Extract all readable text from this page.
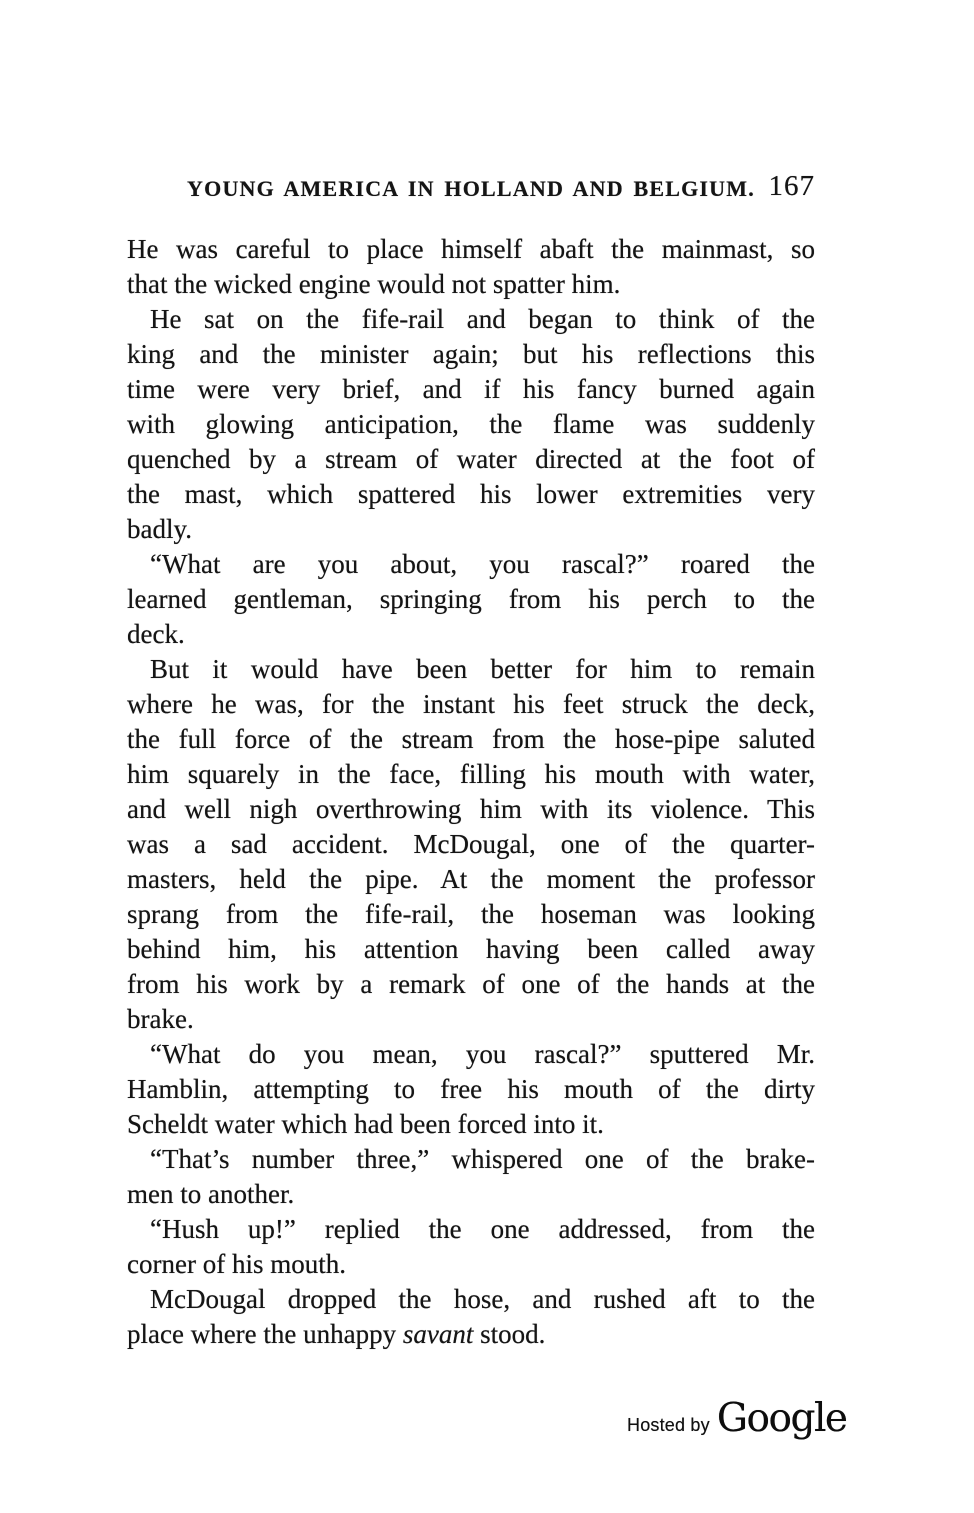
YOUNG AMERICA IN HOLLAND AND BELGIUM. 167
He was careful to place himself abaft the mainmast, so
that the wicked engine would not spatter him.
He sat on the fife-rail and began to think of the
king and the minister again; but his reflections this
time were very brief, and if his fancy burned again
with glowing anticipation, the flame was suddenly
quenched by a stream of water directed at the foot of
the mast, which spattered his lower extremities very
badly.
“What are you about, you rascal?” roared the
learned gentleman, springing from his perch to the
deck.
But it would have been better for him to remain
where he was, for the instant his feet struck the deck,
the full force of the stream from the hose-pipe saluted
him squarely in the face, filling his mouth with water,
and well nigh overthrowing him with its violence. This
was a sad accident. McDougal, one of the quarter-
masters, held the pipe. At the moment the professor
sprang from the fife-rail, the hoseman was looking
behind him, his attention having been called away
from his work by a remark of one of the hands at the
brake.
“What do you mean, you rascal?” sputtered Mr.
Hamblin, attempting to free his mouth of the dirty
Scheldt water which had been forced into it.
“That’s number three,” whispered one of the brake-
men to another.
“Hush up!” replied the one addressed, from the
corner of his mouth.
McDougal dropped the hose, and rushed aft to the
place where the unhappy savant stood.
Hosted by Google
